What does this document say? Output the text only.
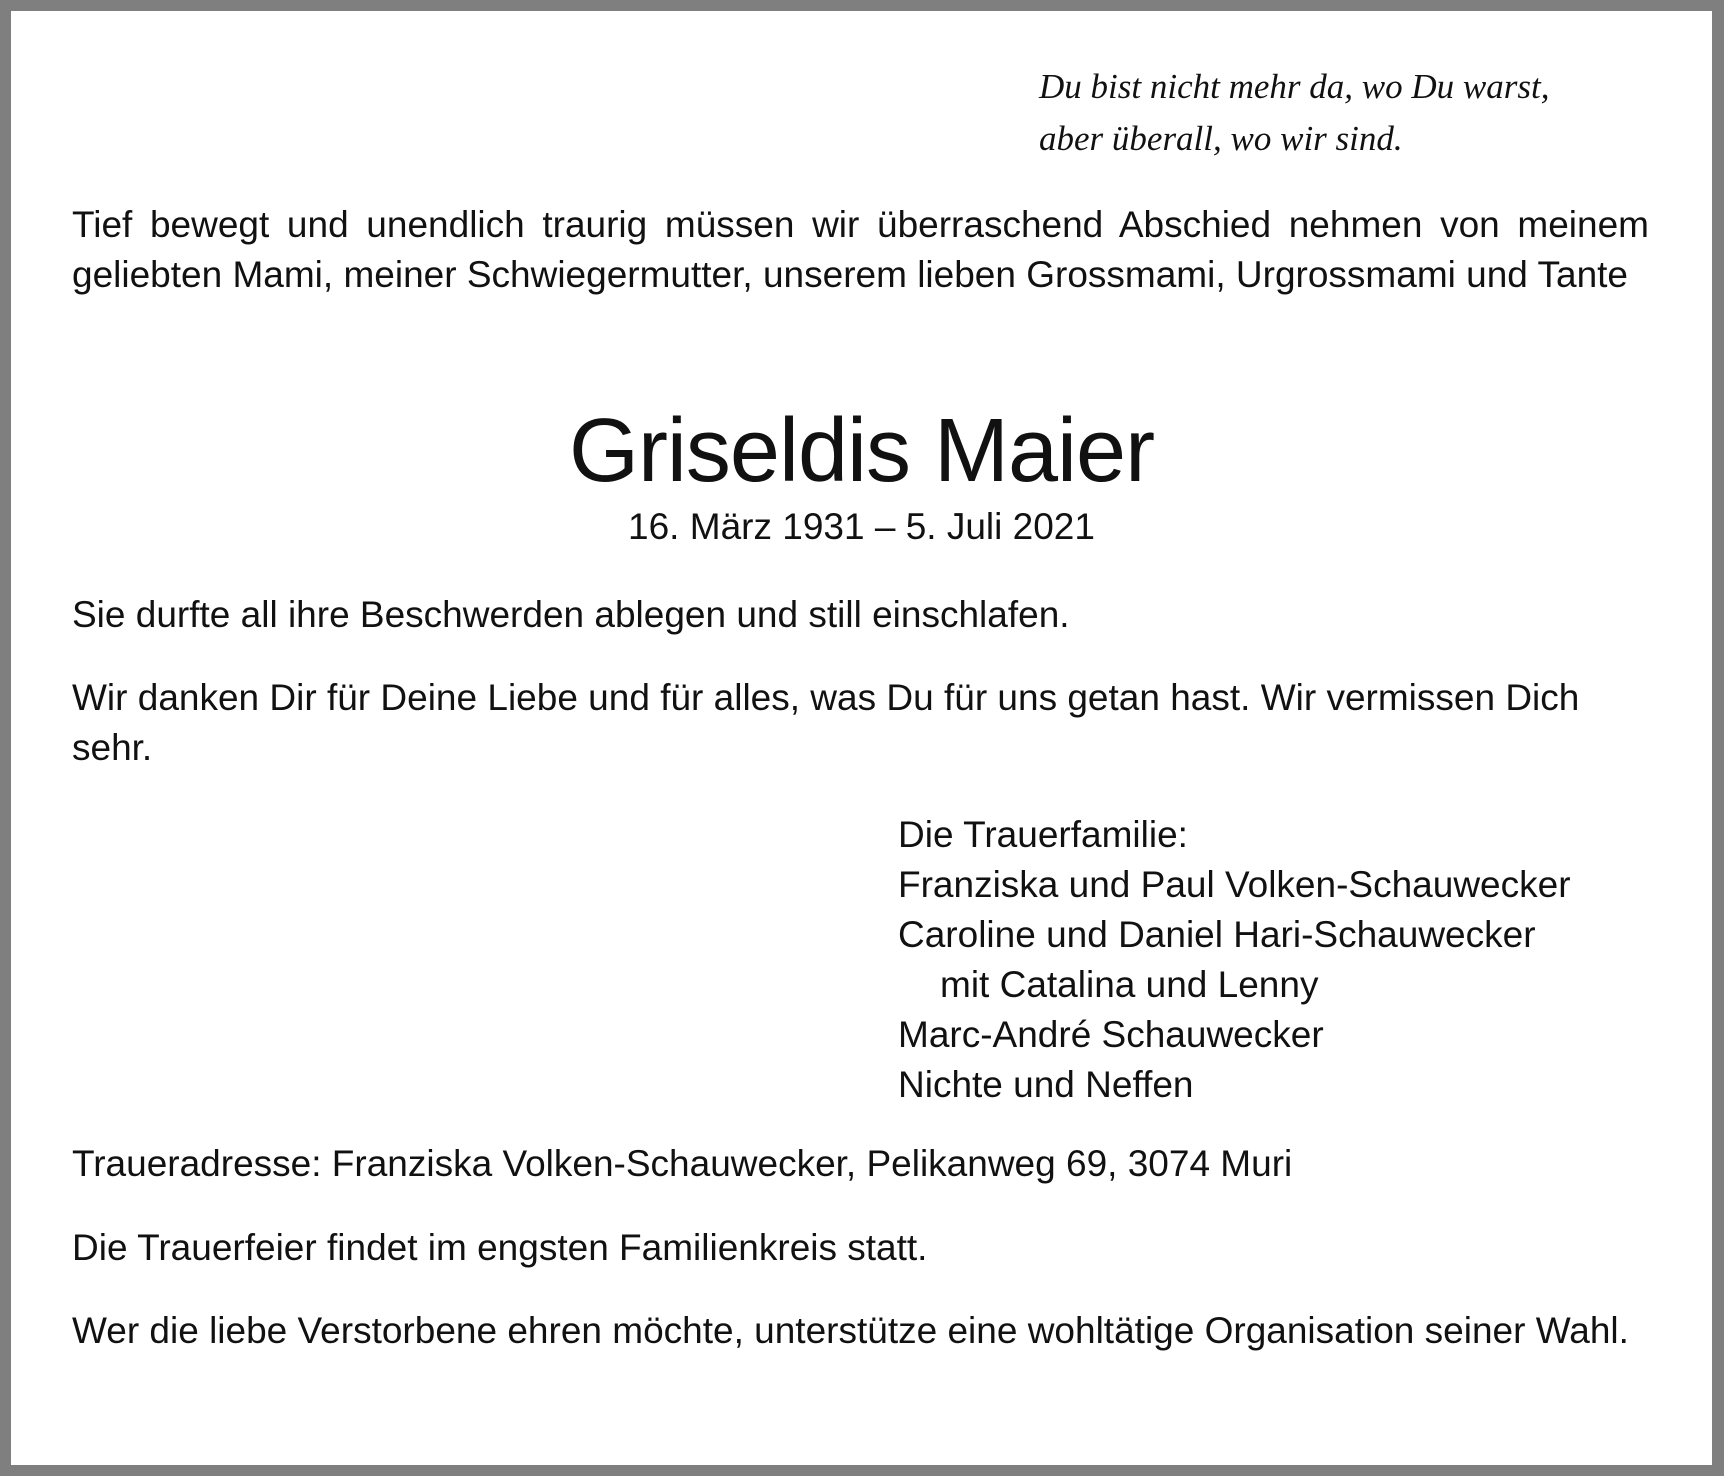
Du bist nicht mehr da, wo Du warst,
aber überall, wo wir sind.

Tief bewegt und unendlich traurig müssen wir überraschend Abschied nehmen von meinem geliebten Mami, meiner Schwiegermutter, unserem lieben Grossmami, Urgrossmami und Tante

Griseldis Maier

16. März 1931 – 5. Juli 2021

Sie durfte all ihre Beschwerden ablegen und still einschlafen.

Wir danken Dir für Deine Liebe und für alles, was Du für uns getan hast. Wir vermissen Dich sehr.

Die Trauerfamilie:
Franziska und Paul Volken-Schauwecker
Caroline und Daniel Hari-Schauwecker
mit Catalina und Lenny
Marc-André Schauwecker
Nichte und Neffen

Traueradresse: Franziska Volken-Schauwecker, Pelikanweg 69, 3074 Muri

Die Trauerfeier findet im engsten Familienkreis statt.

Wer die liebe Verstorbene ehren möchte, unterstütze eine wohltätige Organisation seiner Wahl.
